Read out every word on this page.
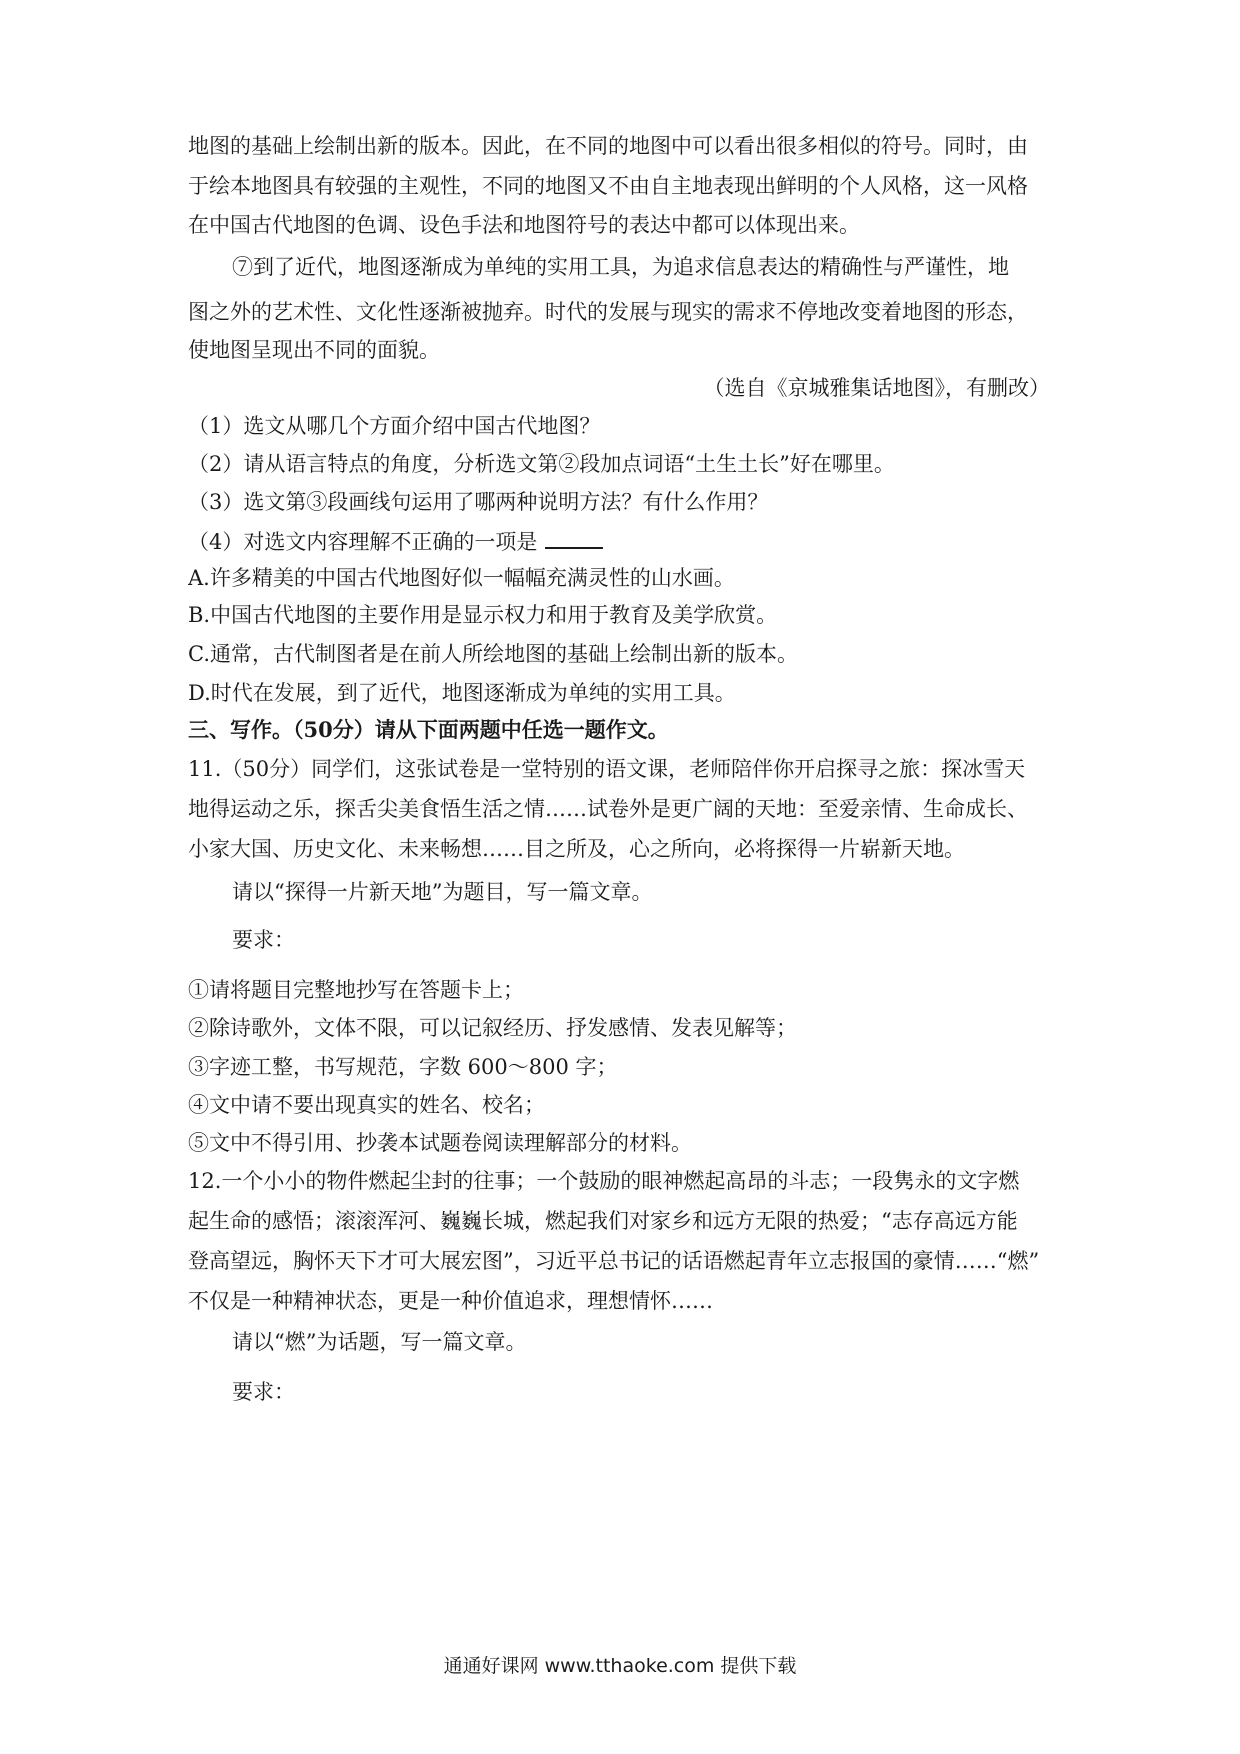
地图的基础上绘制出新的版本。因此，在不同的地图中可以看出很多相似的符号。同时，由
于绘本地图具有较强的主观性，不同的地图又不由自主地表现出鲜明的个人风格，这一风格
在中国古代地图的色调、设色手法和地图符号的表达中都可以体现出来。
⑦到了近代，地图逐渐成为单纯的实用工具，为追求信息表达的精确性与严谨性，地
图之外的艺术性、文化性逐渐被抛弃。时代的发展与现实的需求不停地改变着地图的形态，
使地图呈现出不同的面貌。
（选自《京城雅集话地图》，有删改）
（1）选文从哪几个方面介绍中国古代地图？
（2）请从语言特点的角度，分析选文第②段加点词语“土生土长”好在哪里。
（3）选文第③段画线句运用了哪两种说明方法？有什么作用？
（4）对选文内容理解不正确的一项是
A.许多精美的中国古代地图好似一幅幅充满灵性的山水画。
B.中国古代地图的主要作用是显示权力和用于教育及美学欣赏。
C.通常，古代制图者是在前人所绘地图的基础上绘制出新的版本。
D.时代在发展，到了近代，地图逐渐成为单纯的实用工具。
三、写作。（50分）请从下面两题中任选一题作文。
11.（50分）同学们，这张试卷是一堂特别的语文课，老师陪伴你开启探寻之旅：探冰雪天
地得运动之乐，探舌尖美食悟生活之情……试卷外是更广阔的天地：至爱亲情、生命成长、
小家大国、历史文化、未来畅想……目之所及，心之所向，必将探得一片崭新天地。
请以“探得一片新天地”为题目，写一篇文章。
要求：
①请将题目完整地抄写在答题卡上；
②除诗歌外，文体不限，可以记叙经历、抒发感情、发表见解等；
③字迹工整，书写规范，字数 600～800 字；
④文中请不要出现真实的姓名、校名；
⑤文中不得引用、抄袭本试题卷阅读理解部分的材料。
12.一个小小的物件燃起尘封的往事；一个鼓励的眼神燃起高昂的斗志；一段隽永的文字燃
起生命的感悟；滚滚浑河、巍巍长城，燃起我们对家乡和远方无限的热爱；“志存高远方能
登高望远，胸怀天下才可大展宏图”，习近平总书记的话语燃起青年立志报国的豪情……“燃”
不仅是一种精神状态，更是一种价值追求，理想情怀……
请以“燃”为话题，写一篇文章。
要求：
通通好课网 www.tthaoke.com 提供下载
